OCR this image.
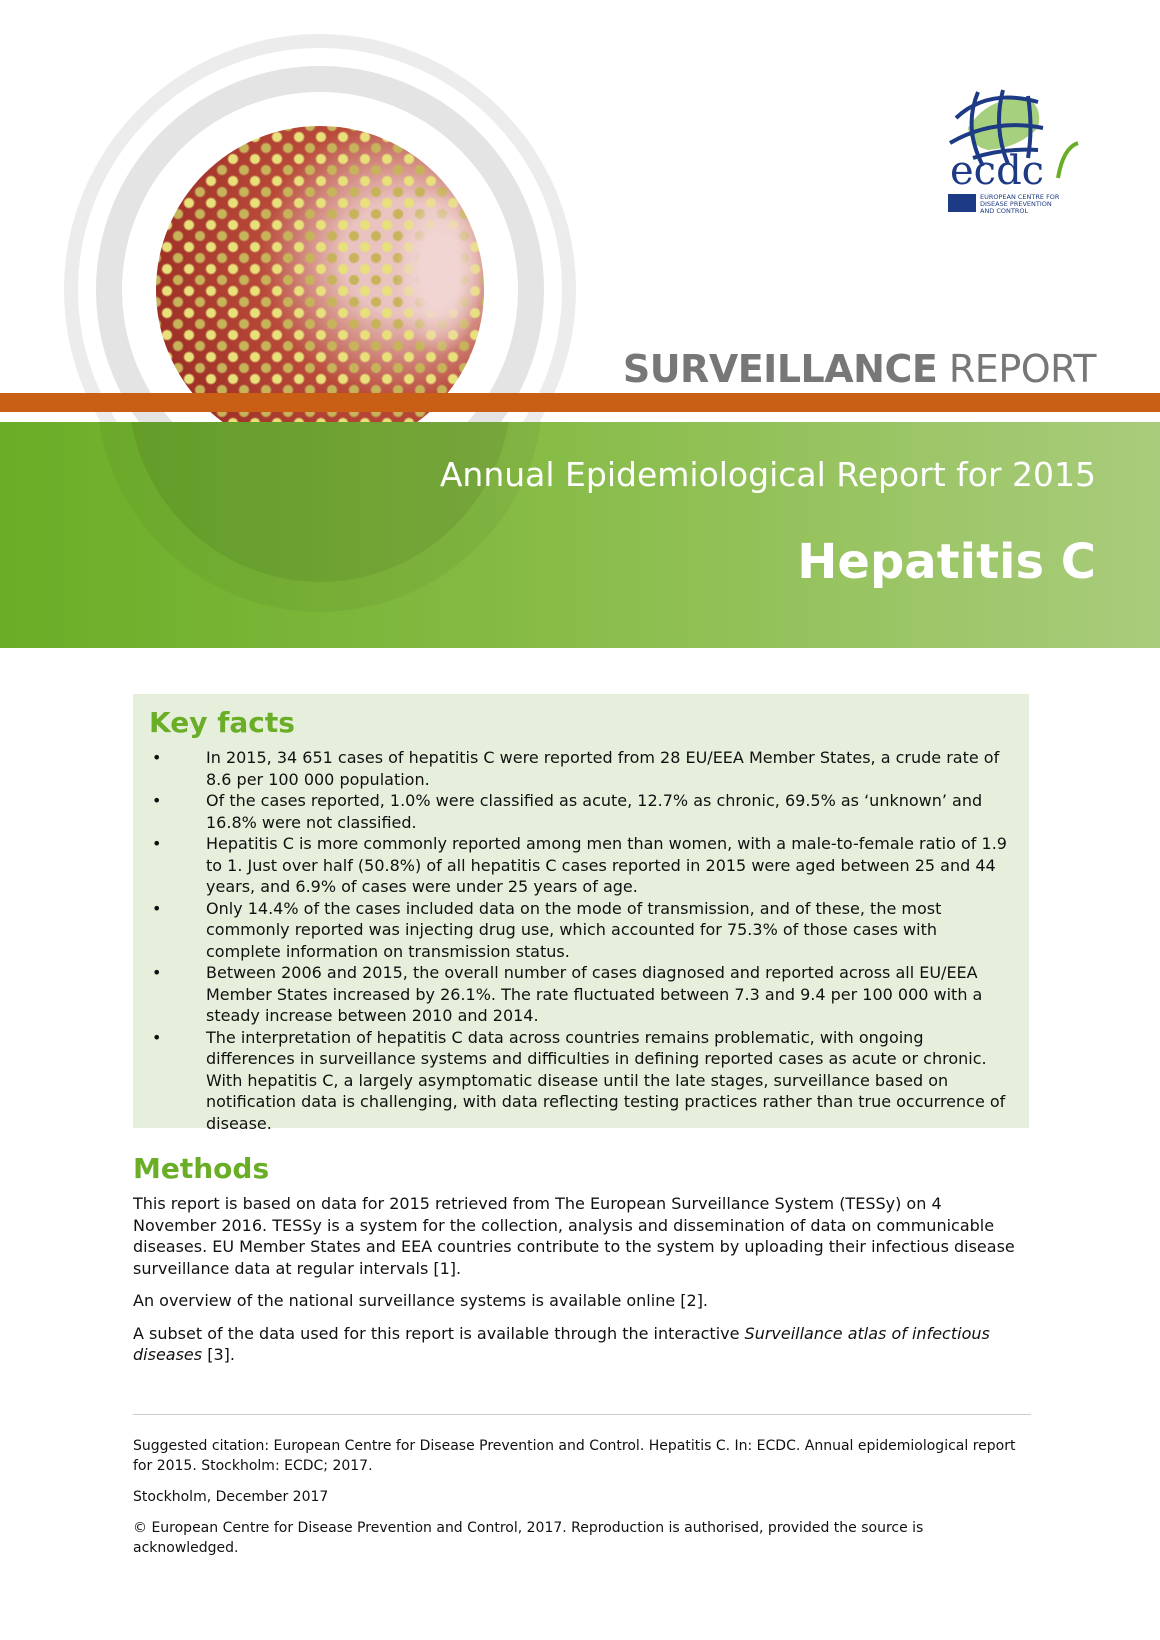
ecdc
EUROPEAN CENTRE FOR
DISEASE PREVENTION
AND CONTROL
SURVEILLANCE REPORT
Annual Epidemiological Report for 2015
Hepatitis C
Key facts
• In 2015, 34 651 cases of hepatitis C were reported from 28 EU/EEA Member States, a crude rate of 8.6 per 100 000 population.
• Of the cases reported, 1.0% were classified as acute, 12.7% as chronic, 69.5% as ‘unknown’ and 16.8% were not classified.
• Hepatitis C is more commonly reported among men than women, with a male-to-female ratio of 1.9 to 1. Just over half (50.8%) of all hepatitis C cases reported in 2015 were aged between 25 and 44 years, and 6.9% of cases were under 25 years of age.
• Only 14.4% of the cases included data on the mode of transmission, and of these, the most commonly reported was injecting drug use, which accounted for 75.3% of those cases with complete information on transmission status.
• Between 2006 and 2015, the overall number of cases diagnosed and reported across all EU/EEA Member States increased by 26.1%. The rate fluctuated between 7.3 and 9.4 per 100 000 with a steady increase between 2010 and 2014.
• The interpretation of hepatitis C data across countries remains problematic, with ongoing differences in surveillance systems and difficulties in defining reported cases as acute or chronic. With hepatitis C, a largely asymptomatic disease until the late stages, surveillance based on notification data is challenging, with data reflecting testing practices rather than true occurrence of disease.
Methods

This report is based on data for 2015 retrieved from The European Surveillance System (TESSy) on 4 November 2016. TESSy is a system for the collection, analysis and dissemination of data on communicable diseases. EU Member States and EEA countries contribute to the system by uploading their infectious disease surveillance data at regular intervals [1].

An overview of the national surveillance systems is available online [2].

A subset of the data used for this report is available through the interactive Surveillance atlas of infectious diseases [3].

Suggested citation: European Centre for Disease Prevention and Control. Hepatitis C. In: ECDC. Annual epidemiological report for 2015. Stockholm: ECDC; 2017.

Stockholm, December 2017

© European Centre for Disease Prevention and Control, 2017. Reproduction is authorised, provided the source is acknowledged.
